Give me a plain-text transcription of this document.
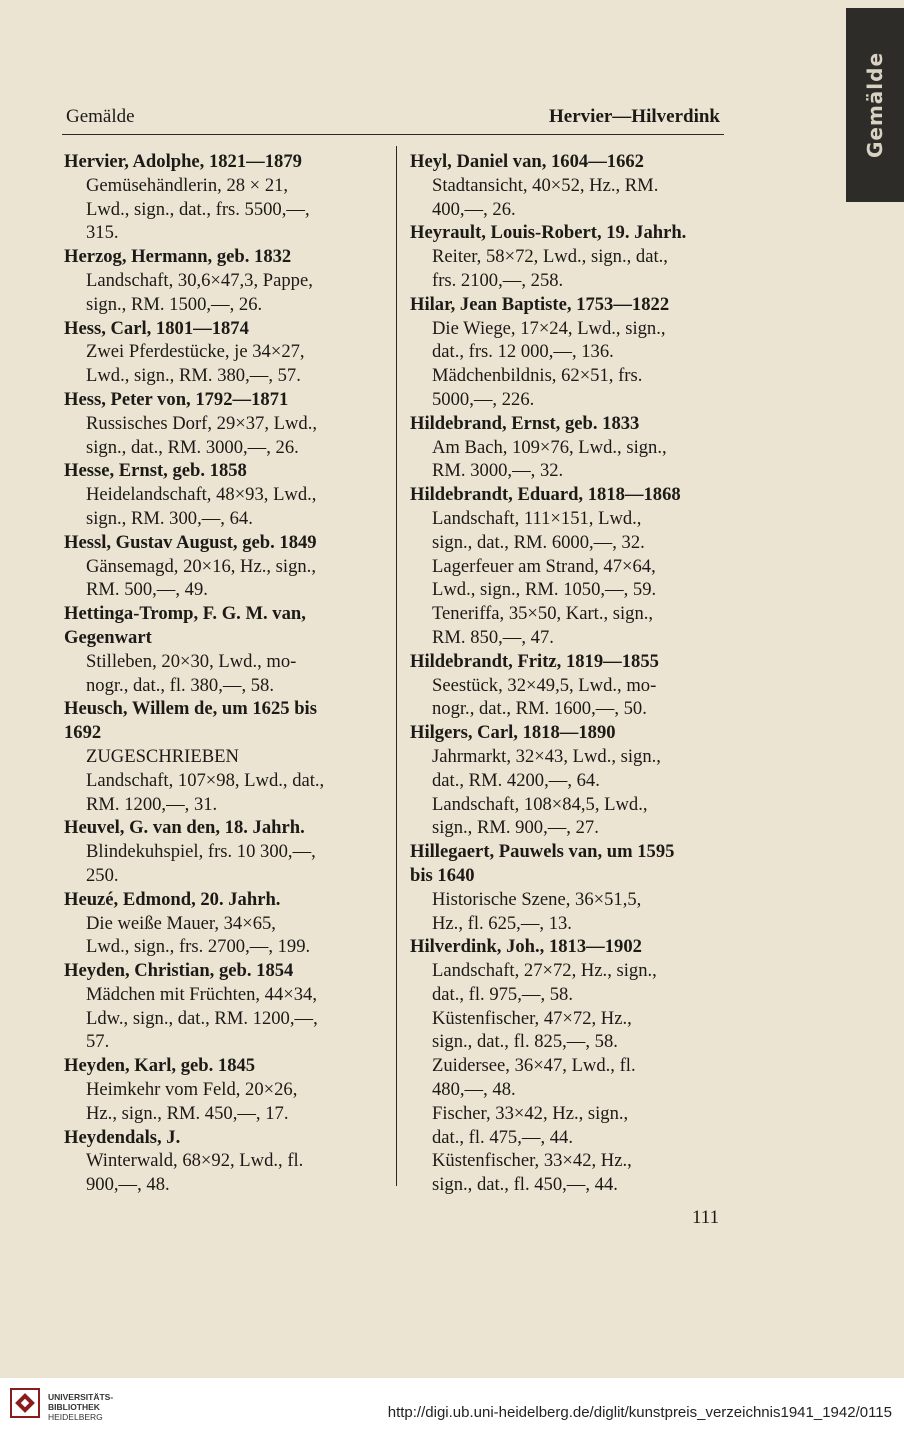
Gemälde
Gemälde	Hervier—Hilverdink
Hervier, Adolphe, 1821—1879
Gemüsehändlerin, 28 × 21,
Lwd., sign., dat., frs. 5500,—,
315.
Herzog, Hermann, geb. 1832
Landschaft, 30,6×47,3, Pappe,
sign., RM. 1500,—, 26.
Hess, Carl, 1801—1874
Zwei Pferdestücke, je 34×27,
Lwd., sign., RM. 380,—, 57.
Hess, Peter von, 1792—1871
Russisches Dorf, 29×37, Lwd.,
sign., dat., RM. 3000,—, 26.
Hesse, Ernst, geb. 1858
Heidelandschaft, 48×93, Lwd.,
sign., RM. 300,—, 64.
Hessl, Gustav August, geb. 1849
Gänsemagd, 20×16, Hz., sign.,
RM. 500,—, 49.
Hettinga-Tromp, F. G. M. van,
Gegenwart
Stilleben, 20×30, Lwd., mo-
nogr., dat., fl. 380,—, 58.
Heusch, Willem de, um 1625 bis
1692
ZUGESCHRIEBEN
Landschaft, 107×98, Lwd., dat.,
RM. 1200,—, 31.
Heuvel, G. van den, 18. Jahrh.
Blindekuhspiel, frs. 10 300,—,
250.
Heuzé, Edmond, 20. Jahrh.
Die weiße Mauer, 34×65,
Lwd., sign., frs. 2700,—, 199.
Heyden, Christian, geb. 1854
Mädchen mit Früchten, 44×34,
Ldw., sign., dat., RM. 1200,—,
57.
Heyden, Karl, geb. 1845
Heimkehr vom Feld, 20×26,
Hz., sign., RM. 450,—, 17.
Heydendals, J.
Winterwald, 68×92, Lwd., fl.
900,—, 48.
Heyl, Daniel van, 1604—1662
Stadtansicht, 40×52, Hz., RM.
400,—, 26.
Heyrault, Louis-Robert, 19. Jahrh.
Reiter, 58×72, Lwd., sign., dat.,
frs. 2100,—, 258.
Hilar, Jean Baptiste, 1753—1822
Die Wiege, 17×24, Lwd., sign.,
dat., frs. 12 000,—, 136.
Mädchenbildnis, 62×51, frs.
5000,—, 226.
Hildebrand, Ernst, geb. 1833
Am Bach, 109×76, Lwd., sign.,
RM. 3000,—, 32.
Hildebrandt, Eduard, 1818—1868
Landschaft, 111×151, Lwd.,
sign., dat., RM. 6000,—, 32.
Lagerfeuer am Strand, 47×64,
Lwd., sign., RM. 1050,—, 59.
Teneriffa, 35×50, Kart., sign.,
RM. 850,—, 47.
Hildebrandt, Fritz, 1819—1855
Seestück, 32×49,5, Lwd., mo-
nogr., dat., RM. 1600,—, 50.
Hilgers, Carl, 1818—1890
Jahrmarkt, 32×43, Lwd., sign.,
dat., RM. 4200,—, 64.
Landschaft, 108×84,5, Lwd.,
sign., RM. 900,—, 27.
Hillegaert, Pauwels van, um 1595
bis 1640
Historische Szene, 36×51,5,
Hz., fl. 625,—, 13.
Hilverdink, Joh., 1813—1902
Landschaft, 27×72, Hz., sign.,
dat., fl. 975,—, 58.
Küstenfischer, 47×72, Hz.,
sign., dat., fl. 825,—, 58.
Zuidersee, 36×47, Lwd., fl.
480,—, 48.
Fischer, 33×42, Hz., sign.,
dat., fl. 475,—, 44.
Küstenfischer, 33×42, Hz.,
sign., dat., fl. 450,—, 44.
111
UNIVERSITÄTS-
BIBLIOTHEK
HEIDELBERG	http://digi.ub.uni-heidelberg.de/diglit/kunstpreis_verzeichnis1941_1942/0115
